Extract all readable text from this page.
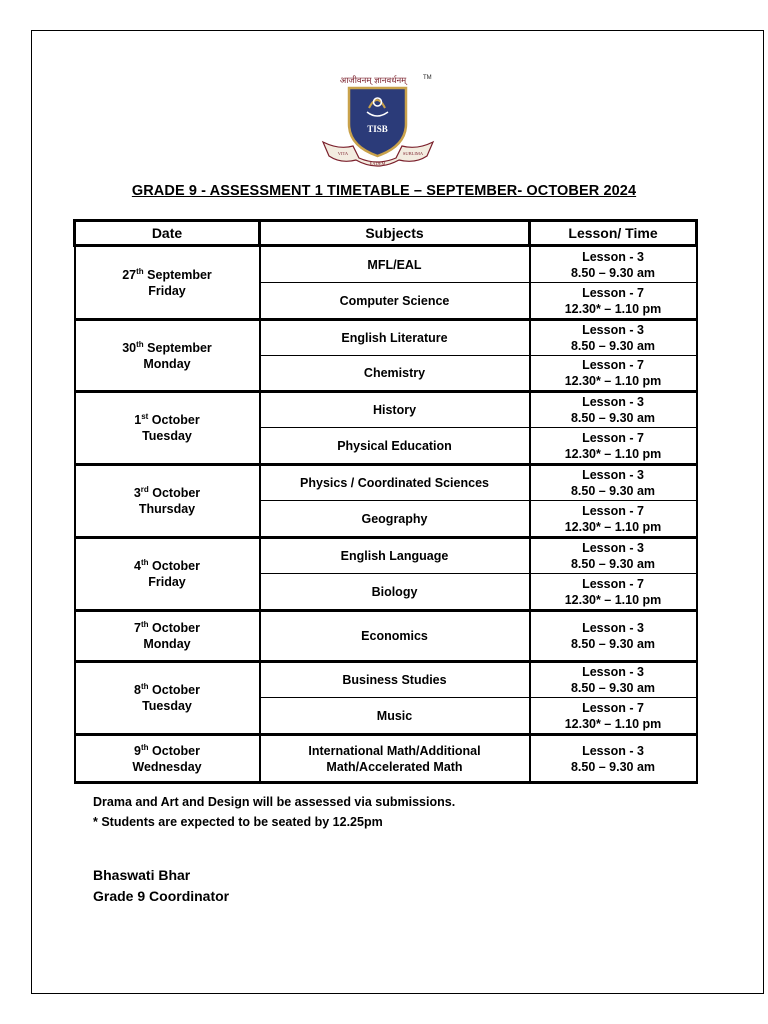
आजीवनम् ज्ञानवर्धनम्	TM
TISB
VITA
EADEM
SUBLIMA
GRADE 9 - ASSESSMENT 1 TIMETABLE – SEPTEMBER- OCTOBER 2024
Date	Subjects	Lesson/ Time

27th September
Friday	MFL/EAL	Lesson - 3
8.50 – 9.30 am

	Computer Science	Lesson - 7
12.30* – 1.10 pm

30th September
Monday	English Literature	Lesson - 3
8.50 – 9.30 am

	Chemistry	Lesson - 7
12.30* – 1.10 pm

1st October
Tuesday	History	Lesson - 3
8.50 – 9.30 am

	Physical Education	Lesson - 7
12.30* – 1.10 pm

3rd October
Thursday	Physics / Coordinated Sciences	Lesson - 3
8.50 – 9.30 am

	Geography	Lesson - 7
12.30* – 1.10 pm

4th October
Friday	English Language	Lesson - 3
8.50 – 9.30 am

	Biology	Lesson - 7
12.30* – 1.10 pm

7th October
Monday	Economics	Lesson - 3
8.50 – 9.30 am

8th October
Tuesday	Business Studies	Lesson - 3
8.50 – 9.30 am

	Music	Lesson - 7
12.30* – 1.10 pm

9th October
Wednesday	International Math/Additional Math/Accelerated Math	Lesson - 3
8.50 – 9.30 am
Drama and Art and Design will be assessed via submissions.
* Students are expected to be seated by 12.25pm
Bhaswati Bhar
Grade 9 Coordinator
